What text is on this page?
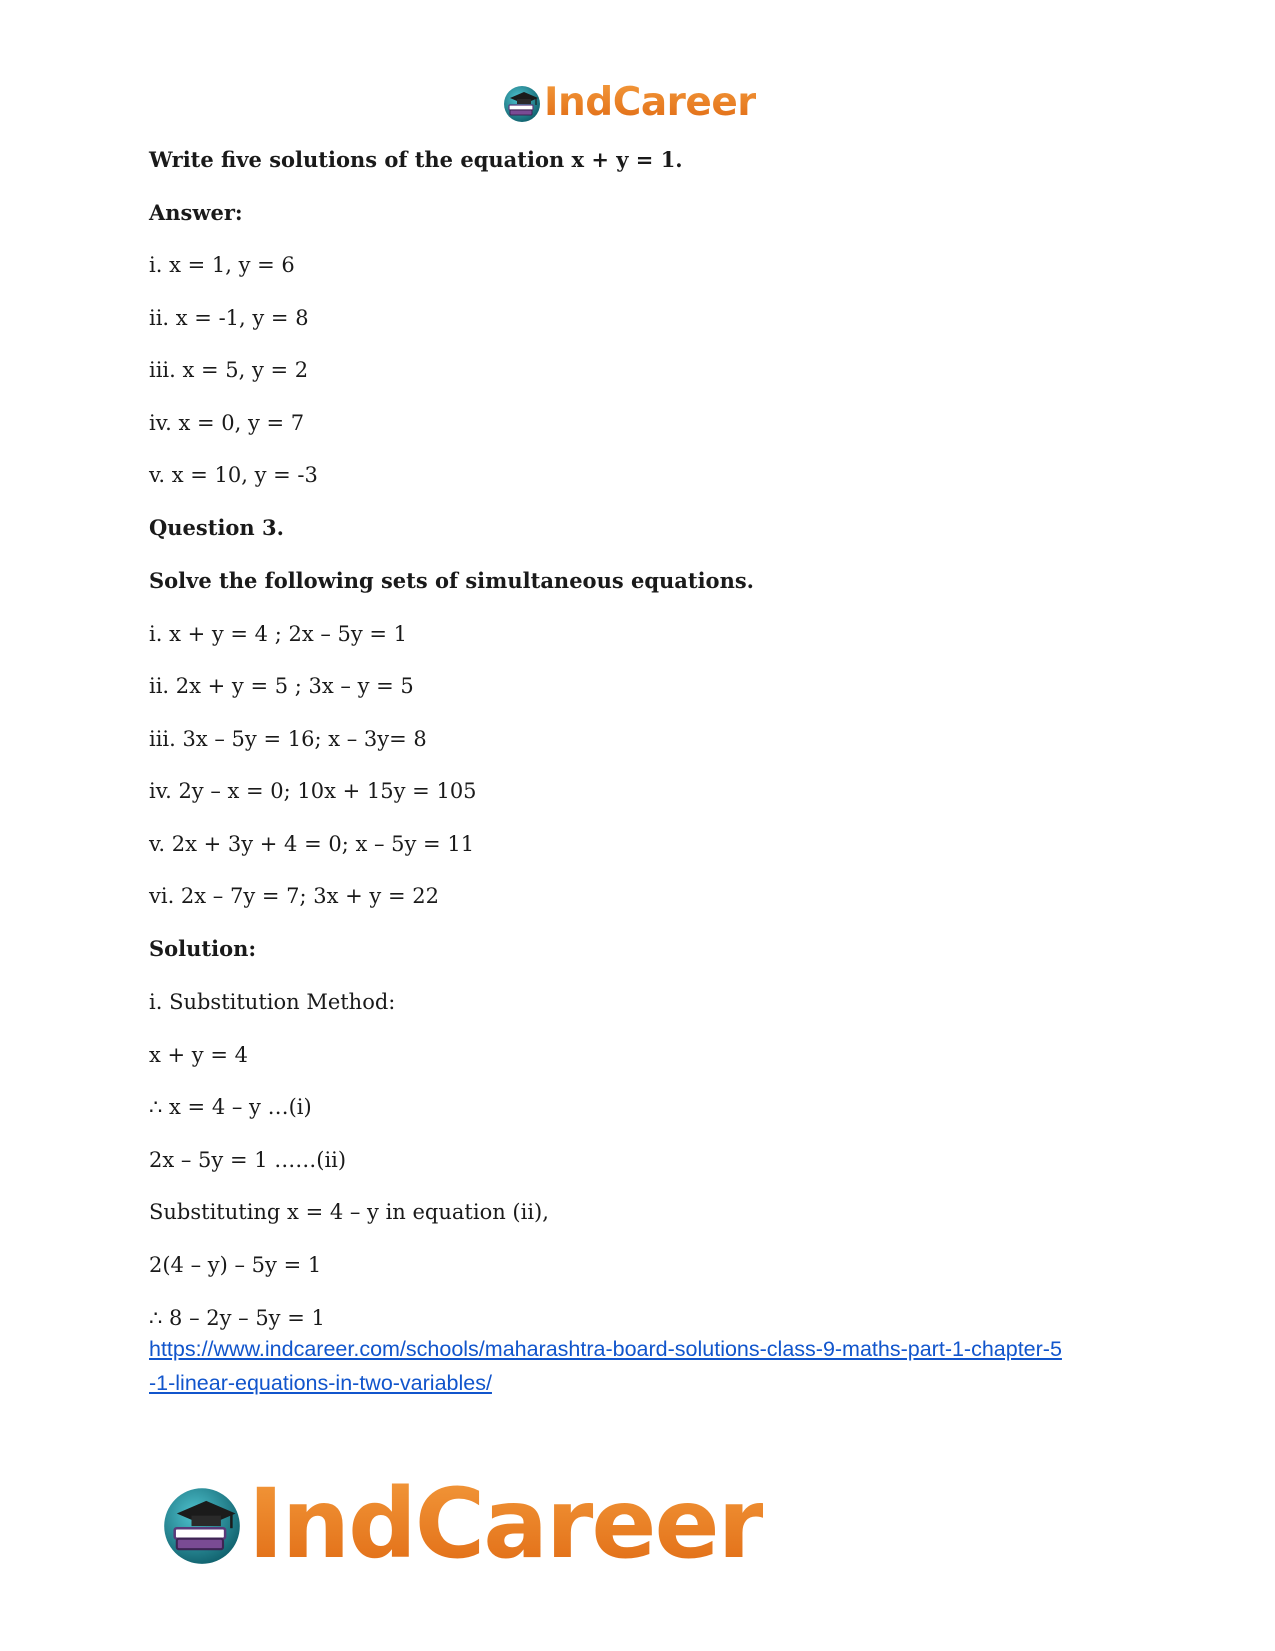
IndCareer
Write five solutions of the equation x + y = 1.
Answer:
i. x = 1, y = 6
ii. x = -1, y = 8
iii. x = 5, y = 2
iv. x = 0, y = 7
v. x = 10, y = -3
Question 3.
Solve the following sets of simultaneous equations.
i. x + y = 4 ; 2x – 5y = 1
ii. 2x + y = 5 ; 3x – y = 5
iii. 3x – 5y = 16; x – 3y= 8
iv. 2y – x = 0; 10x + 15y = 105
v. 2x + 3y + 4 = 0; x – 5y = 11
vi. 2x – 7y = 7; 3x + y = 22
Solution:
i. Substitution Method:
x + y = 4
∴ x = 4 – y …(i)
2x – 5y = 1 ……(ii)
Substituting x = 4 – y in equation (ii),
2(4 – y) – 5y = 1
∴ 8 – 2y – 5y = 1
https://www.indcareer.com/schools/maharashtra-board-solutions-class-9-maths-part-1-chapter-5
-1-linear-equations-in-two-variables/
IndCareer
